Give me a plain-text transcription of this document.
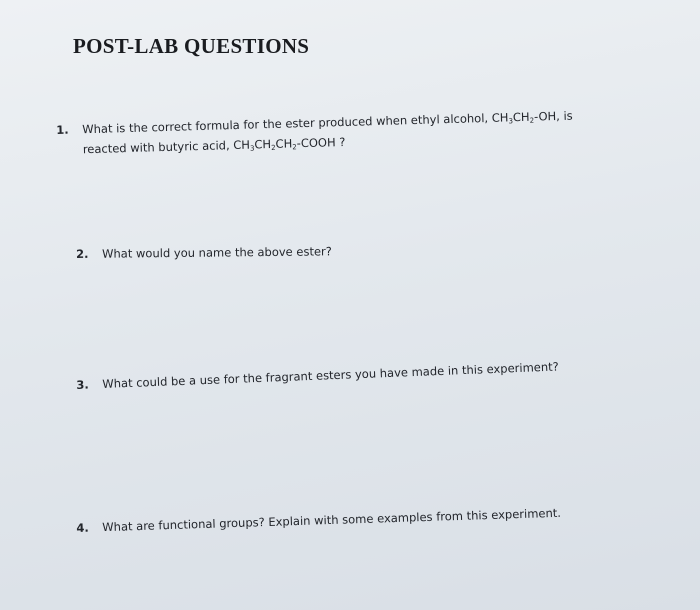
POST-LAB QUESTIONS
1. What is the correct formula for the ester produced when ethyl alcohol, $CH_3CH_2-OH$, is
reacted with butyric acid, $CH_3CH_2CH_2$-COOH ?
2. What would you name the above ester?
3. What could be a use for the fragrant esters you have made in this experiment?
4. What are functional groups? Explain with some examples from this experiment.
